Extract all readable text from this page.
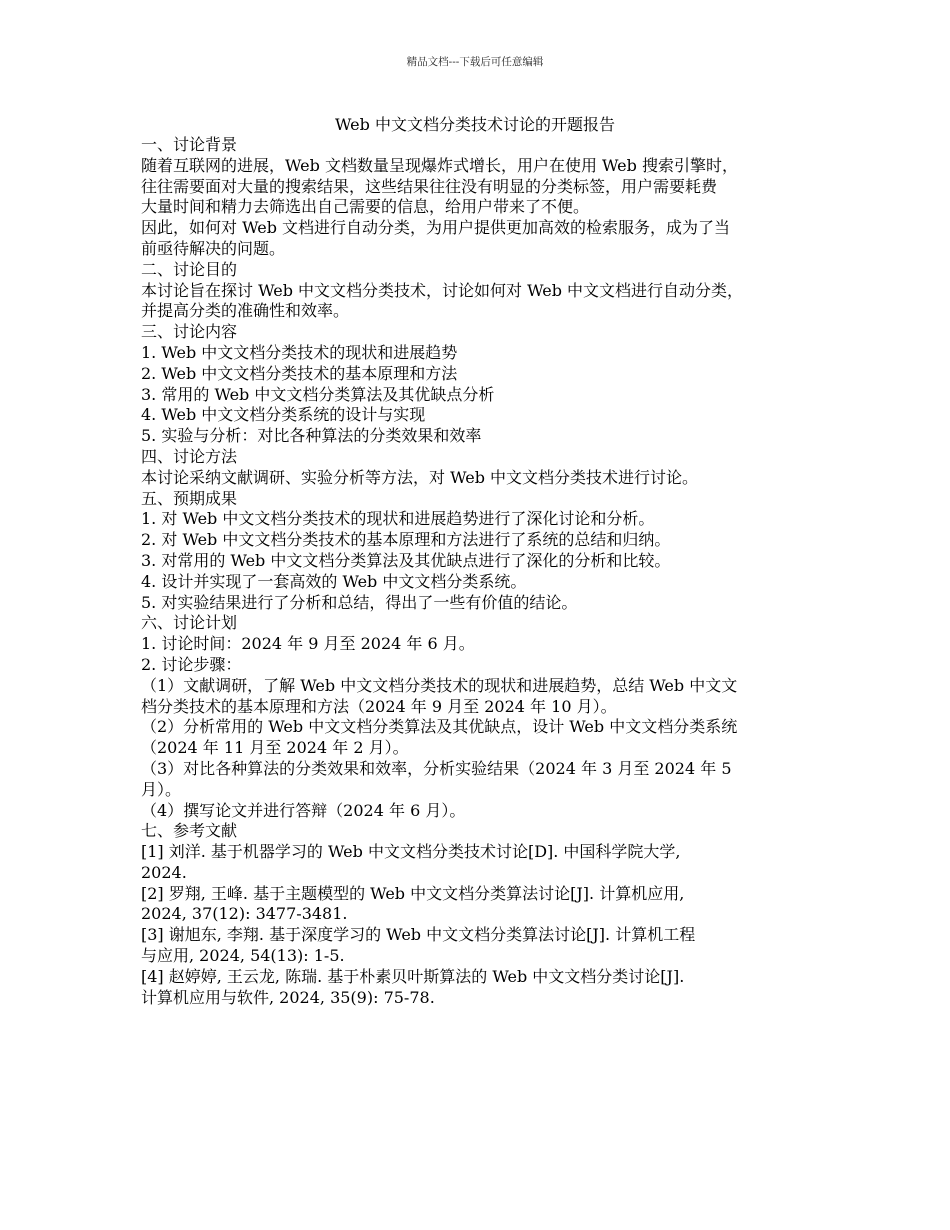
精品文档---下载后可任意编辑
Web 中文文档分类技术讨论的开题报告

一、讨论背景

随着互联网的进展，Web 文档数量呈现爆炸式增长，用户在使用 Web 搜索引擎时，

往往需要面对大量的搜索结果，这些结果往往没有明显的分类标签，用户需要耗费

大量时间和精力去筛选出自己需要的信息，给用户带来了不便。

因此，如何对 Web 文档进行自动分类，为用户提供更加高效的检索服务，成为了当

前亟待解决的问题。

二、讨论目的

本讨论旨在探讨 Web 中文文档分类技术，讨论如何对 Web 中文文档进行自动分类，

并提高分类的准确性和效率。

三、讨论内容

1. Web 中文文档分类技术的现状和进展趋势

2. Web 中文文档分类技术的基本原理和方法

3. 常用的 Web 中文文档分类算法及其优缺点分析

4. Web 中文文档分类系统的设计与实现

5. 实验与分析：对比各种算法的分类效果和效率

四、讨论方法

本讨论采纳文献调研、实验分析等方法，对 Web 中文文档分类技术进行讨论。

五、预期成果

1. 对 Web 中文文档分类技术的现状和进展趋势进行了深化讨论和分析。

2. 对 Web 中文文档分类技术的基本原理和方法进行了系统的总结和归纳。

3. 对常用的 Web 中文文档分类算法及其优缺点进行了深化的分析和比较。

4. 设计并实现了一套高效的 Web 中文文档分类系统。

5. 对实验结果进行了分析和总结，得出了一些有价值的结论。

六、讨论计划

1. 讨论时间：2024 年 9 月至 2024 年 6 月。

2. 讨论步骤：

（1）文献调研，了解 Web 中文文档分类技术的现状和进展趋势，总结 Web 中文文

档分类技术的基本原理和方法（2024 年 9 月至 2024 年 10 月）。

（2）分析常用的 Web 中文文档分类算法及其优缺点，设计 Web 中文文档分类系统

（2024 年 11 月至 2024 年 2 月）。

（3）对比各种算法的分类效果和效率，分析实验结果（2024 年 3 月至 2024 年 5

月）。

（4）撰写论文并进行答辩（2024 年 6 月）。

七、参考文献

[1] 刘洋. 基于机器学习的 Web 中文文档分类技术讨论[D]. 中国科学院大学,

2024.

[2] 罗翔, 王峰. 基于主题模型的 Web 中文文档分类算法讨论[J]. 计算机应用,

2024, 37(12): 3477-3481.

[3] 谢旭东, 李翔. 基于深度学习的 Web 中文文档分类算法讨论[J]. 计算机工程

与应用, 2024, 54(13): 1-5.

[4] 赵婷婷, 王云龙, 陈瑞. 基于朴素贝叶斯算法的 Web 中文文档分类讨论[J].

计算机应用与软件, 2024, 35(9): 75-78.
